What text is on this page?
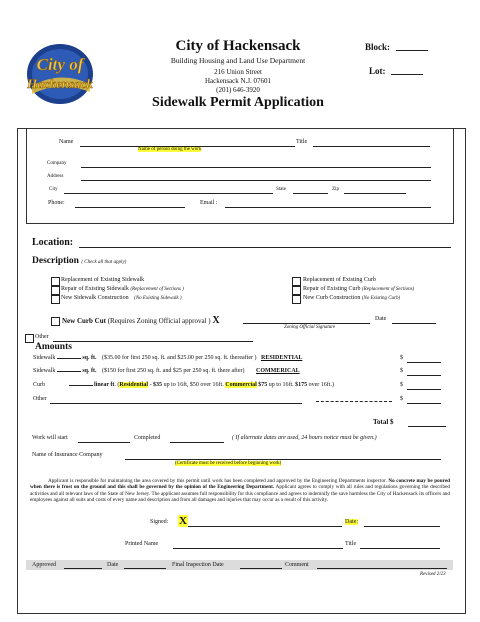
City of
Hackensack
City of Hackensack
Building Housing and Land Use Department
216 Union Street
Hackensack N.J. 07601
(201) 646-3920
Sidewalk Permit Application
Block:
Lot:
Name
Name of person doing the work
Title
Company
Address
City	State	Zip
Phone:	Email :
Location:
Description ( Check all that apply)
Replacement of Existing Sidewalk
Repair of Existing Sidewalk (Replacement of Sections )
New Sidewalk Construction (No Existing Sidewalk )
Replacement of Existing Curb
Repair of Existing Curb (Replacement of Sections)
New Curb Construction (No Existing Curb)
New Curb Cut (Requires Zoning Official approval ) X	Date
Zoning Official Signature
Other
Amounts
Sidewalk	sq. ft. ($35.00 for first 250 sq. ft. and $25.00 per 250 sq. ft. thereafter ) RESIDENTIAL	$
Sidewalk	sq. ft. ($150 for first 250 sq. ft. and $25 per 250 sq. ft. there after) COMMERICAL	$
Curb	linear ft. (Residential - $35 up to 16ft, $50 over 16ft. Commercial $75 up to 16ft. $175 over 16ft.)	$
Other	$
Total $
Work will start	Completed	( If alternate dates are used, 24 hours notice must be given.)
Name of Insurance Company
(Certificate must be received before beginning work)
Applicant is responsible for maintaining the area covered by this permit until work has been completed and approved by the Engineering Departments inspector. No concrete may be poured when there is frost on the ground and this shall be governed by the opinion of the Engineering Department. Applicant agrees to comply with all rules and regulations governing the described activities and all relevant laws of the State of New Jersey. The applicant assumes full responsibility for this compliance and agrees to indemnify the save harmless the City of Hackensack its officers and employees against all suits and costs of every name and description and from all damages and injuries that may occur as a result of this activity.
Signed: X	Date:
Printed Name	Title
Approved	Date	Final Inspection Date	Comment
Revised 2/23
